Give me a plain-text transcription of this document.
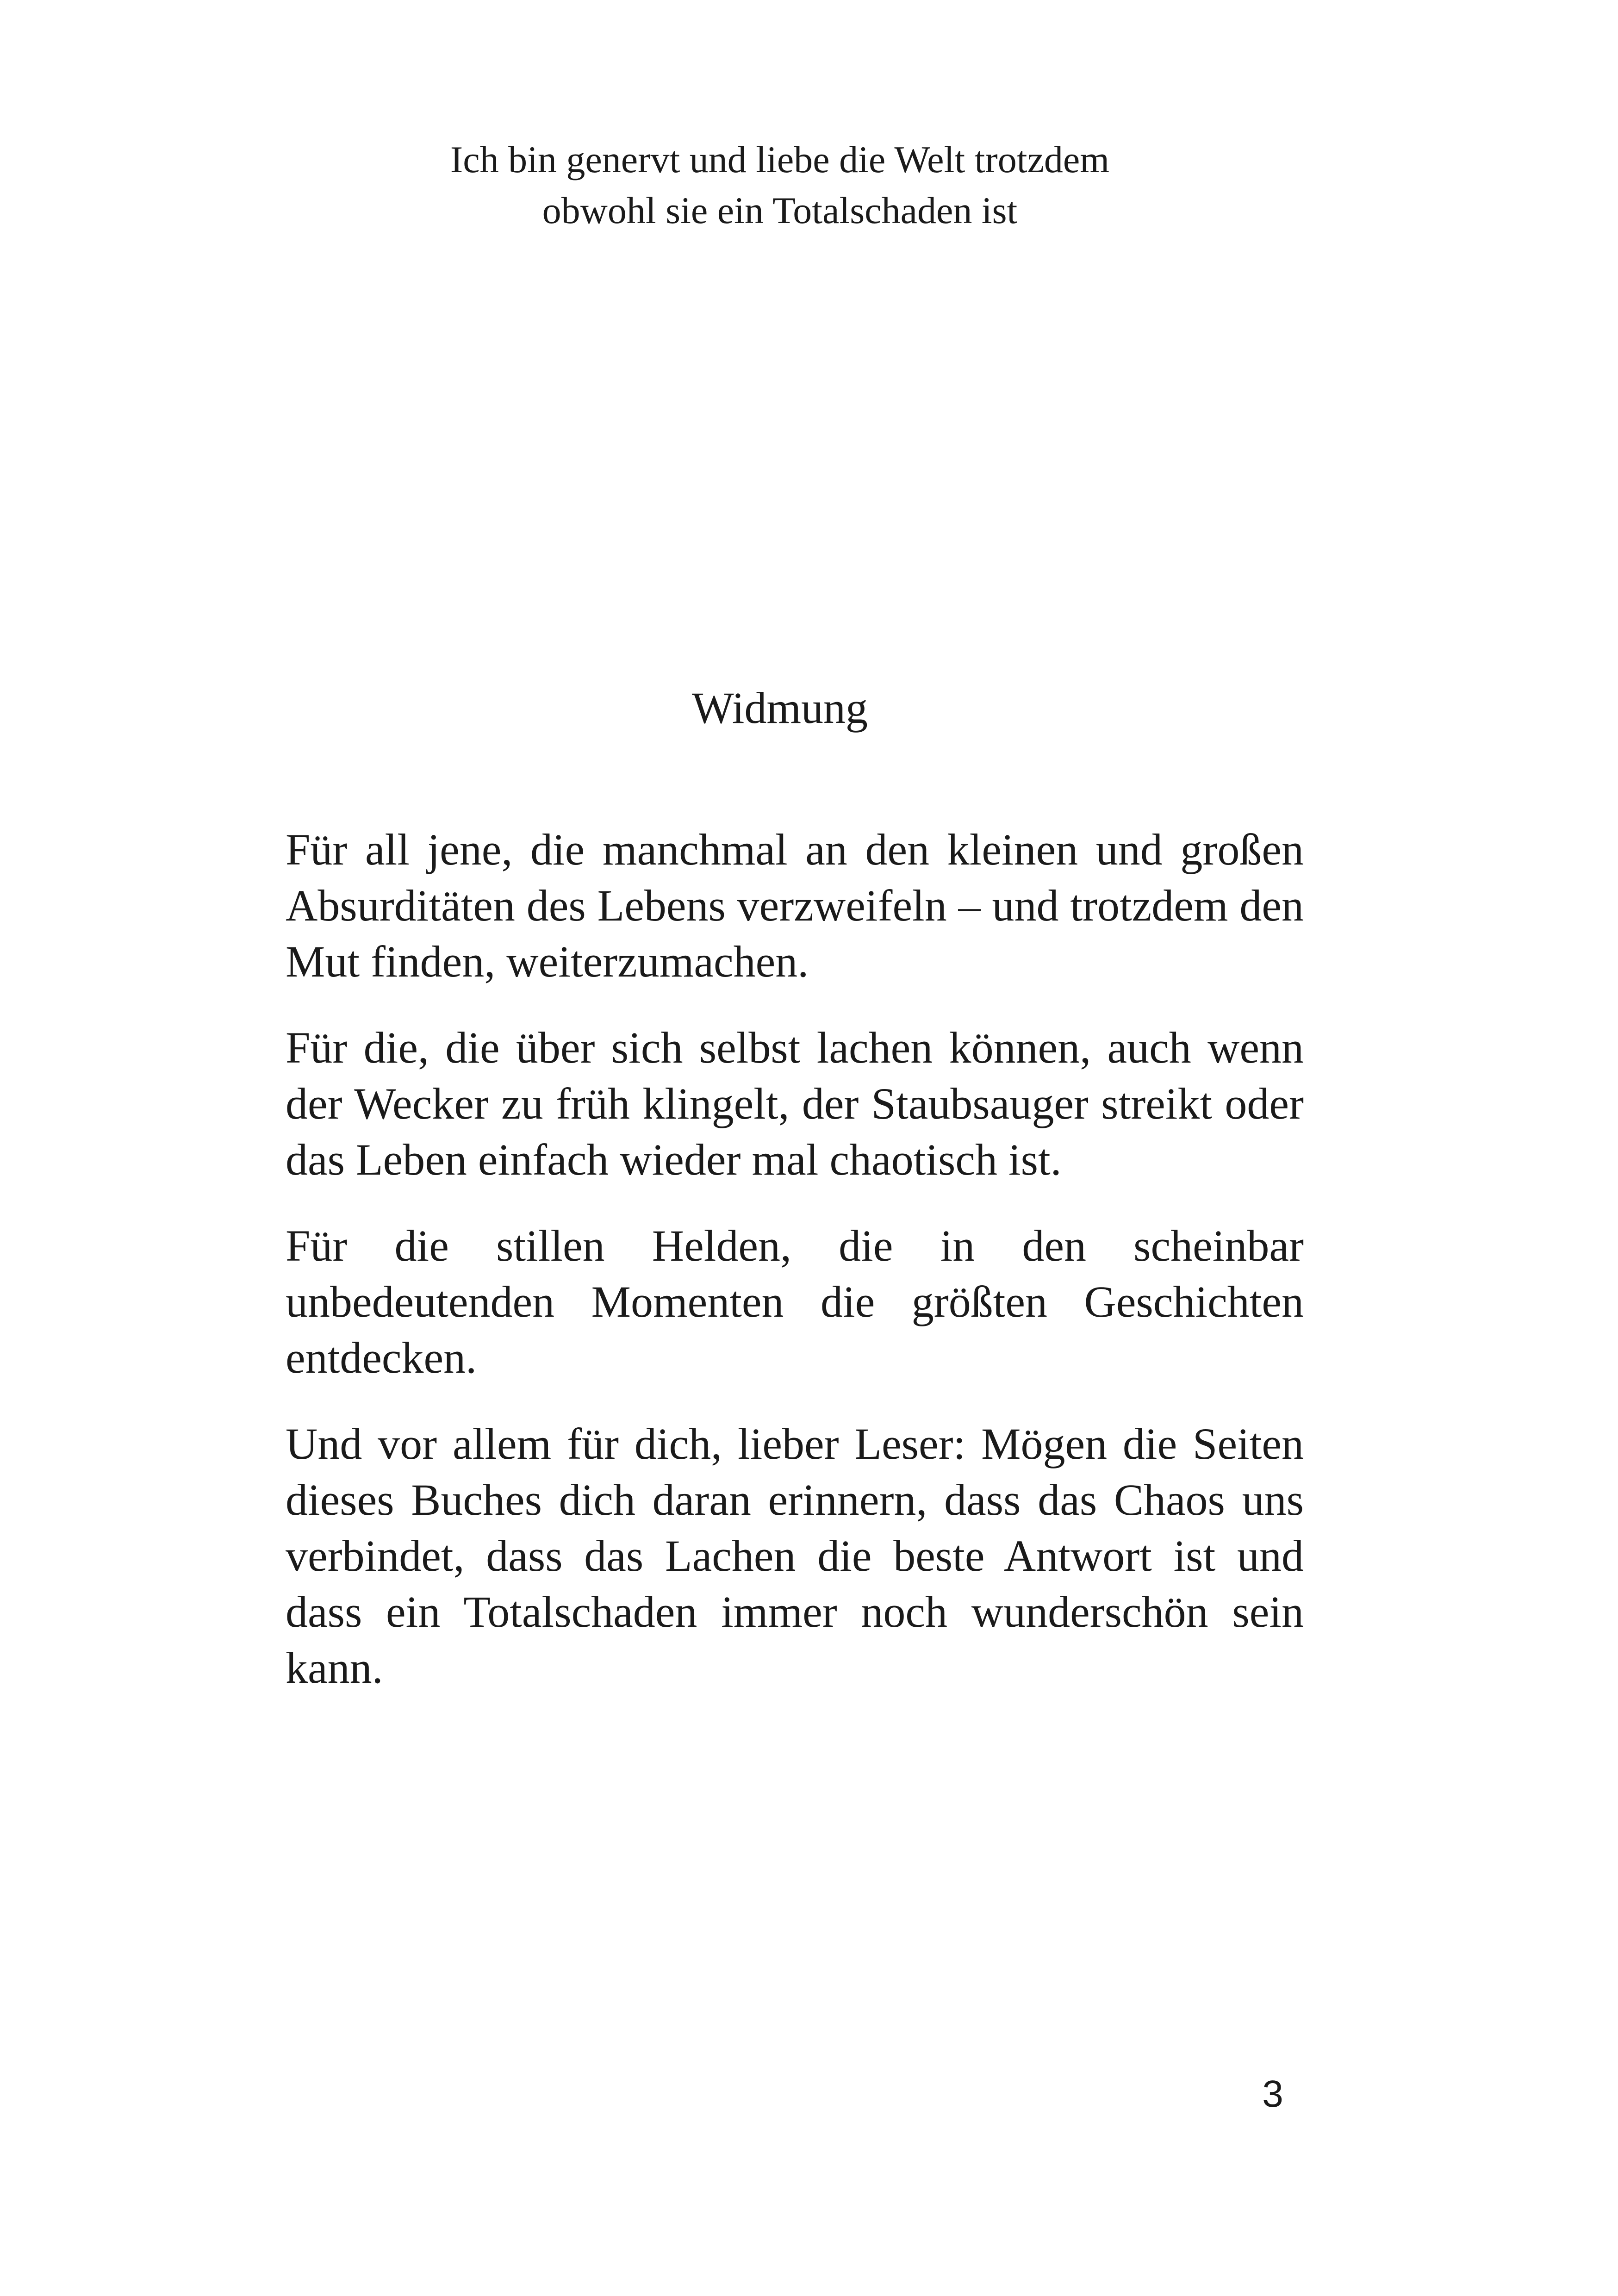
Ich bin genervt und liebe die Welt trotzdem
obwohl sie ein Totalschaden ist
Widmung

Für all jene, die manchmal an den kleinen und großen Absurditäten des Lebens verzweifeln – und trotzdem den Mut finden, weiterzumachen.

Für die, die über sich selbst lachen können, auch wenn der Wecker zu früh klingelt, der Staubsauger streikt oder das Leben einfach wieder mal chaotisch ist.

Für die stillen Helden, die in den scheinbar unbedeutenden Momenten die größten Geschichten entdecken.

Und vor allem für dich, lieber Leser: Mögen die Seiten dieses Buches dich daran erinnern, dass das Chaos uns verbindet, dass das Lachen die beste Antwort ist und dass ein Totalschaden immer noch wunderschön sein kann.

3
